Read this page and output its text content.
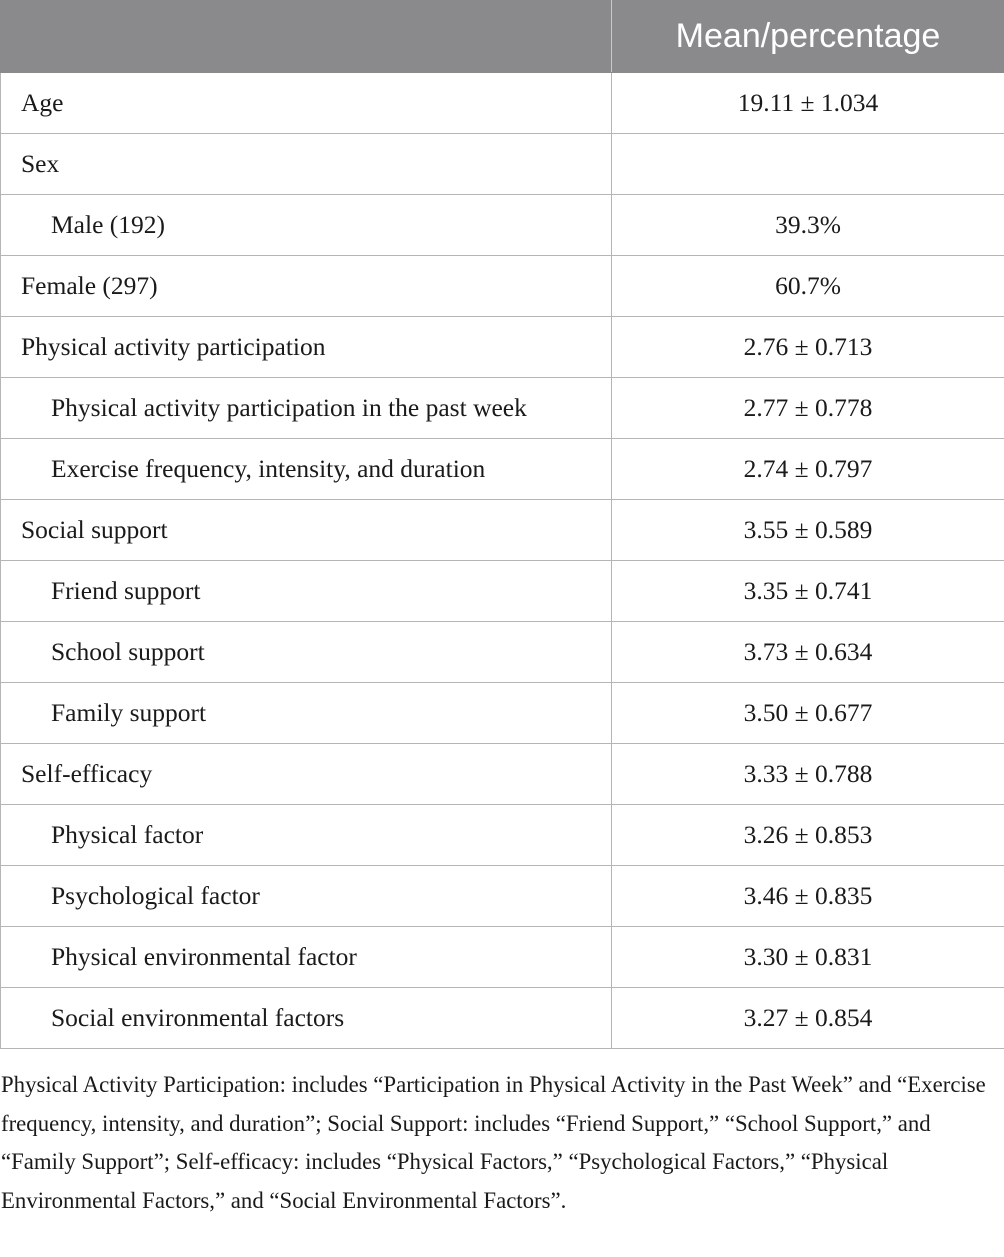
	Mean/percentage
Age	19.11 ± 1.034
Sex	
Male (192)	39.3%
Female (297)	60.7%
Physical activity participation	2.76 ± 0.713
Physical activity participation in the past week	2.77 ± 0.778
Exercise frequency, intensity, and duration	2.74 ± 0.797
Social support	3.55 ± 0.589
Friend support	3.35 ± 0.741
School support	3.73 ± 0.634
Family support	3.50 ± 0.677
Self-efficacy	3.33 ± 0.788
Physical factor	3.26 ± 0.853
Psychological factor	3.46 ± 0.835
Physical environmental factor	3.30 ± 0.831
Social environmental factors	3.27 ± 0.854

Physical Activity Participation: includes “Participation in Physical Activity in the Past Week” and “Exercise frequency, intensity, and duration”; Social Support: includes “Friend Support,” “School Support,” and “Family Support”; Self-efficacy: includes “Physical Factors,” “Psychological Factors,” “Physical Environmental Factors,” and “Social Environmental Factors”.
